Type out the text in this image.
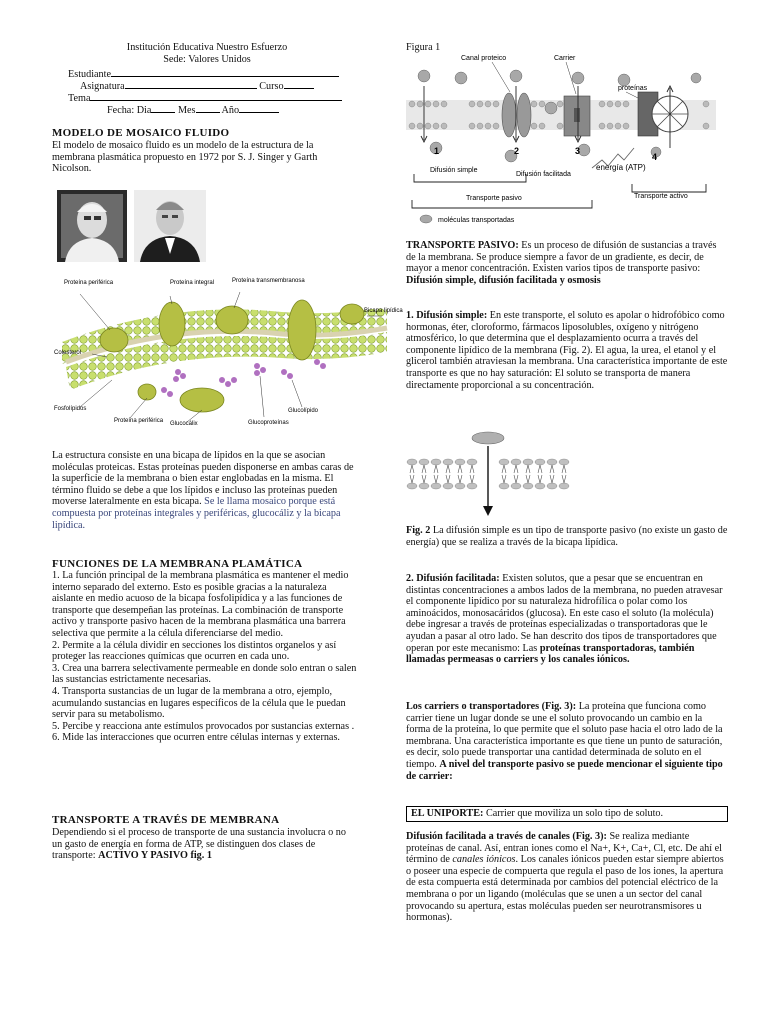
Institución Educativa Nuestro Esfuerzo
Sede: Valores Unidos
Estudiante
Asignatura	Curso
Tema
Fecha: Dia	Mes	Año
MODELO DE MOSAICO FLUIDO
El modelo de mosaico fluido es un modelo de la estructura de la membrana plasmática propuesto en 1972 por S. J. Singer y Garth Nicolson.
Proteína periférica	Proteína integral	Proteína transmembranosa
Bicapa lipídica
Colesterol
Fosfolípidos
Proteína periférica Glucocálix
Glucolípido
Glucoproteínas
La estructura consiste en una bicapa de lípidos en la que se asocian moléculas proteicas. Estas proteínas pueden disponerse en ambas caras de la superficie de la membrana o bien estar englobadas en la misma. El término fluido se debe a que los lípidos e incluso las proteínas pueden moverse lateralmente en esta bicapa. Se le llama mosaico porque está compuesta por proteínas integrales y periféricas, glucocáliz y la bicapa lipídica.
FUNCIONES DE LA MEMBRANA PLAMÁTICA

1. La función principal de la membrana plasmática es mantener el medio interno separado del externo. Esto es posible gracias a la naturaleza aislante en medio acuoso de la bicapa fosfolipídica y a las funciones de transporte que desempeñan las proteínas. La combinación de transporte activo y transporte pasivo hacen de la membrana plasmática una barrera selectiva que permite a la célula diferenciarse del medio.

2. Permite a la célula dividir en secciones los distintos organelos y así proteger las reacciones químicas que ocurren en cada uno.

3. Crea una barrera selectivamente permeable en donde solo entran o salen las sustancias estrictamente necesarias.

4. Transporta sustancias de un lugar de la membrana a otro, ejemplo, acumulando sustancias en lugares específicos de la célula que le puedan servir para su metabolismo.

5. Percibe y reacciona ante estímulos provocados por sustancias externas .

6. Mide las interacciones que ocurren entre células internas y externas.

TRANSPORTE A TRAVÉS DE MEMBRANA
Dependiendo si el proceso de transporte de una sustancia involucra o no un gasto de energía en forma de ATP, se distinguen dos clases de transporte: ACTIVO Y PASIVO fig. 1
Figura 1
Canal proteico	Carrier
proteínas
1	2	3
4
Difusión simple
Difusión facilitada
energía (ATP)
Transporte pasivo	Transporte activo
moléculas transportadas
TRANSPORTE PASIVO: Es un proceso de difusión de sustancias a través de la membrana. Se produce siempre a favor de un gradiente, es decir, de mayor a menor concentración. Existen varios tipos de transporte pasivo: Difusión simple, difusión facilitada y osmosis
1. Difusión simple: En este transporte, el soluto es apolar o hidrofóbico como hormonas, éter, cloroformo, fármacos liposolubles, oxígeno y nitrógeno atmosférico, lo que determina que el desplazamiento ocurra a través del componente lipídico de la membrana (Fig. 2). El agua, la urea, el etanol y el glicerol también atraviesan la membrana. Una característica importante de este transporte es que no hay saturación: El soluto se transporta de manera directamente proporcional a su concentración.
Fig. 2 La difusión simple es un tipo de transporte pasivo (no existe un gasto de energía) que se realiza a través de la bicapa lipídica.
2. Difusión facilitada: Existen solutos, que a pesar que se encuentran en distintas concentraciones a ambos lados de la membrana, no pueden atravesar el componente lipídico por su naturaleza hidrofílica o polar como los aminoácidos, monosacáridos (glucosa). En este caso el soluto (la molécula) debe ingresar a través de proteínas especializadas o transportadoras que le ayudan a pasar al otro lado. Se han descrito dos tipos de transportadores que operan por este mecanismo: Las proteínas transportadoras, también llamadas permeasas o carriers y los canales iónicos.
Los carriers o transportadores (Fig. 3): La proteína que funciona como carrier tiene un lugar donde se une el soluto provocando un cambio en la forma de la proteína, lo que permite que el soluto pase hacia el otro lado de la membrana. Una característica importante es que tiene un punto de saturación, es decir, solo puede transportar una cantidad determinada de soluto en el tiempo. A nivel del transporte pasivo se puede mencionar el siguiente tipo de carrier:
EL UNIPORTE: Carrier que moviliza un solo tipo de soluto.
Difusión facilitada a través de canales (Fig. 3): Se realiza mediante proteínas de canal. Así, entran iones como el Na+, K+, Ca+, Cl, etc. De ahí el término de canales iónicos. Los canales iónicos pueden estar siempre abiertos o poseer una especie de compuerta que regula el paso de los iones, la apertura de esta compuerta está determinada por cambios del potencial eléctrico de la membrana o por un ligando (moléculas que se unen a un sector del canal provocando su apertura, estas moléculas pueden ser neurotransmisores u hormonas).
